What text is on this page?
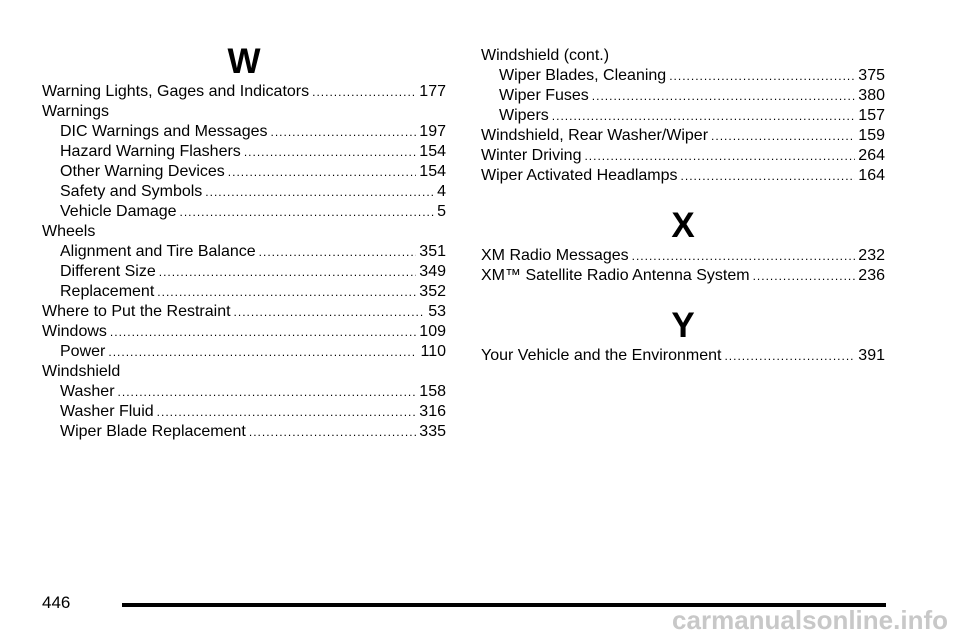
W
Warning Lights, Gages and Indicators .....	177
Warnings
DIC Warnings and Messages .....	197
Hazard Warning Flashers .....	154
Other Warning Devices .....	154
Safety and Symbols .....	4
Vehicle Damage .....	5
Wheels
Alignment and Tire Balance .....	351
Different Size .....	349
Replacement .....	352
Where to Put the Restraint .....	53
Windows .....	109
Power .....	110
Windshield
Washer .....	158
Washer Fluid .....	316
Wiper Blade Replacement .....	335
Windshield (cont.)
Wiper Blades, Cleaning .....	375
Wiper Fuses .....	380
Wipers .....	157
Windshield, Rear Washer/Wiper .....	159
Winter Driving .....	264
Wiper Activated Headlamps .....	164
X
XM Radio Messages .....	232
XM™ Satellite Radio Antenna System .....	236
Y
Your Vehicle and the Environment .....	391
446
carmanualsonline.info
